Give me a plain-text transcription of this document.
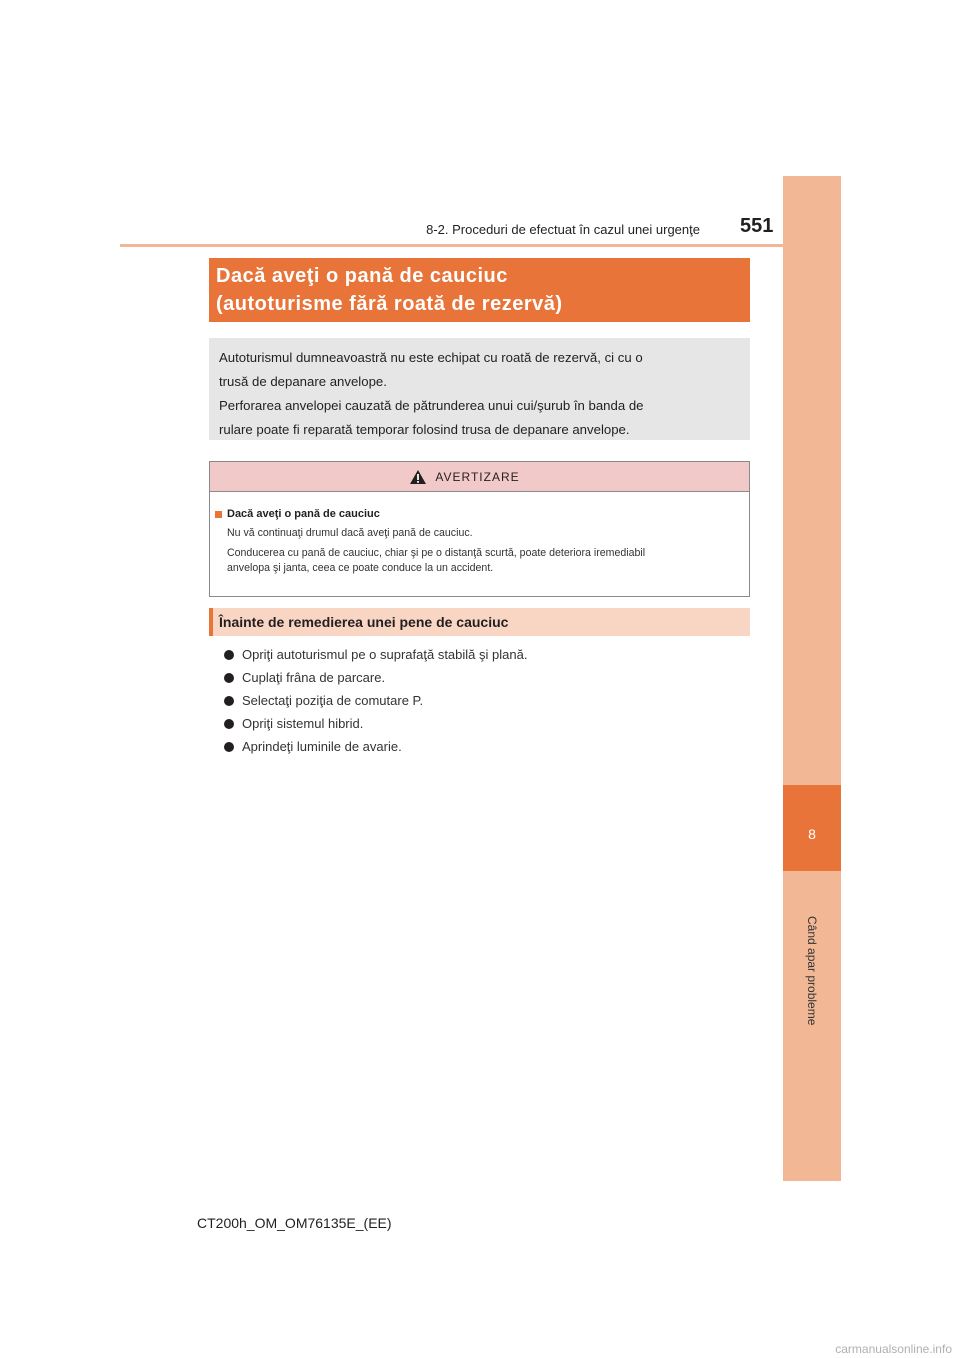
8
Când apar probleme
8-2. Proceduri de efectuat în cazul unei urgenţe 551
Dacă aveţi o pană de cauciuc
(autoturisme fără roată de rezervă)

Autoturismul dumneavoastră nu este echipat cu roată de rezervă, ci cu o

trusă de depanare anvelope.

Perforarea anvelopei cauzată de pătrunderea unui cui/şurub în banda de

rulare poate fi reparată temporar folosind trusa de depanare anvelope.

AVERTIZARE
Dacă aveţi o pană de cauciuc
Nu vă continuaţi drumul dacă aveţi pană de cauciuc.
Conducerea cu pană de cauciuc, chiar şi pe o distanţă scurtă, poate deteriora iremediabil
anvelopa şi janta, ceea ce poate conduce la un accident.
Înainte de remedierea unei pene de cauciuc
Opriţi autoturismul pe o suprafaţă stabilă şi plană.
Cuplaţi frâna de parcare.
Selectaţi poziţia de comutare P.
Opriţi sistemul hibrid.
Aprindeţi luminile de avarie.
CT200h_OM_OM76135E_(EE)
carmanualsonline.info
